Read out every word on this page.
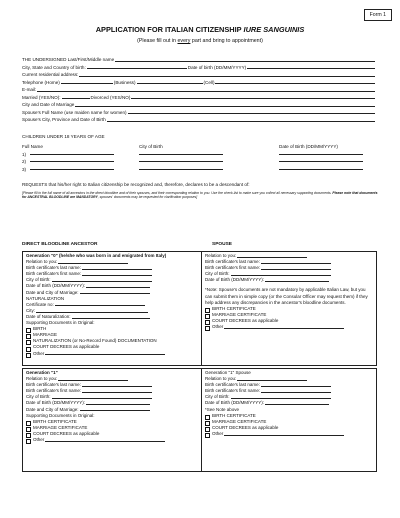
Form 1
APPLICATION FOR ITALIAN CITIZENSHIP IURE SANGUINIS
(Please fill out in every part and bring to appointment)
THE UNDERSIGNED Last/First/Middle name
City, State and Country of birth:	Date of birth (DD/MM/YYYY)
Current residential address:
Telephone (Home)	(Business)	(Cell)
E-mail:
Married (YES/NO):	Divorced (YES/NO)
City and Date of Marriage
Spouse's Full Name (use maiden name for women)
Spouse's City, Province and Date of Birth
CHILDREN UNDER 18 YEARS OF AGE
Full Name	City of Birth	Date of Birth (DD/MM/YYYY)
1)
2)
3)
REQUESTS that his/her right to Italian citizenship be recognized and, therefore, declares to be a descendant of:
[Please fill in the full name of all ancestors in the direct bloodline and of their spouses, and their corresponding relation to you. Use the check-list to make sure you collect all necessary supporting documents. Please note that documents for ANCESTRAL BLOODLINE are MANDATORY, spouses' documents may be requested for clarification purposes]
DIRECT BLOODLINE ANCESTOR	SPOUSE
Generation "0" (he/she who was born in and emigrated from Italy)
Relation to you:
Birth certificate's last name:
Birth certificate's first name:
City of Birth:
Date of Birth (DD/MM/YYYY):
Date and City of Marriage:
NATURALIZATION
Certificate no:
City:
Date of Naturalization:
Supporting Documents in Original:
BIRTH
MARRIAGE
NATURALIZATION (or No-Record Found) DOCUMENTATION
COURT DECREES as applicable
Other
Relation to you:
Birth certificate's last name:
Birth certificate's first name:
City of Birth:
Date of Birth (DD/MM/YYYY):
*Note: Spouse's documents are not mandatory by applicable Italian Law, but you can submit them in simple copy (or the Consular Officer may request them) if they help address any discrepancies in the ancestor's bloodline documents.
BIRTH CERTIFICATE
MARRIAGE CERTIFICATE
COURT DECREES as applicable
Other
Generation "1"
Relation to you:
Birth certificate's last name:
Birth certificate's first name:
City of Birth:
Date of Birth (DD/MM/YYYY):
Date and City of Marriage:
Supporting Documents in Original:
BIRTH CERTIFICATE
MARRIAGE CERTIFICATE
COURT DECREES as applicable
Other
Generation "1" Spouse
Relation to you:
Birth certificate's last name:
Birth certificate's first name:
City of Birth:
Date of Birth (DD/MM/YYYY):
*See Note above
BIRTH CERTIFICATE
MARRIAGE CERTIFICATE
COURT DECREES as applicable
Other
